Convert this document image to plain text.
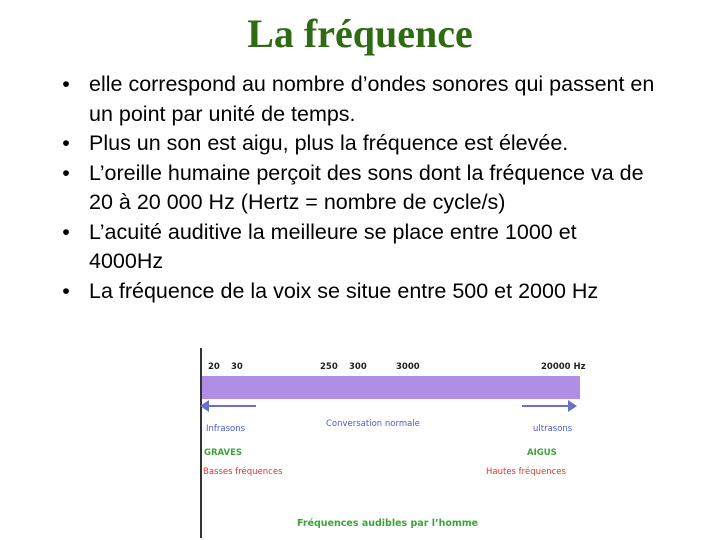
La fréquence
• elle correspond au nombre d’ondes sonores qui passent en un point par unité de temps.
• Plus un son est aigu, plus la fréquence est élevée.
• L’oreille humaine perçoit des sons dont la fréquence va de 20 à 20 000 Hz (Hertz = nombre de cycle/s)
• L’acuité auditive la meilleure se place entre 1000 et 4000Hz
• La fréquence de la voix se situe entre 500 et 2000 Hz
20 30	250 300	3000	20000 Hz
Infrasons	Conversation normale	ultrasons
GRAVES	AIGUS
Basses fréquences	Hautes fréquences
Fréquences audibles par l’homme
